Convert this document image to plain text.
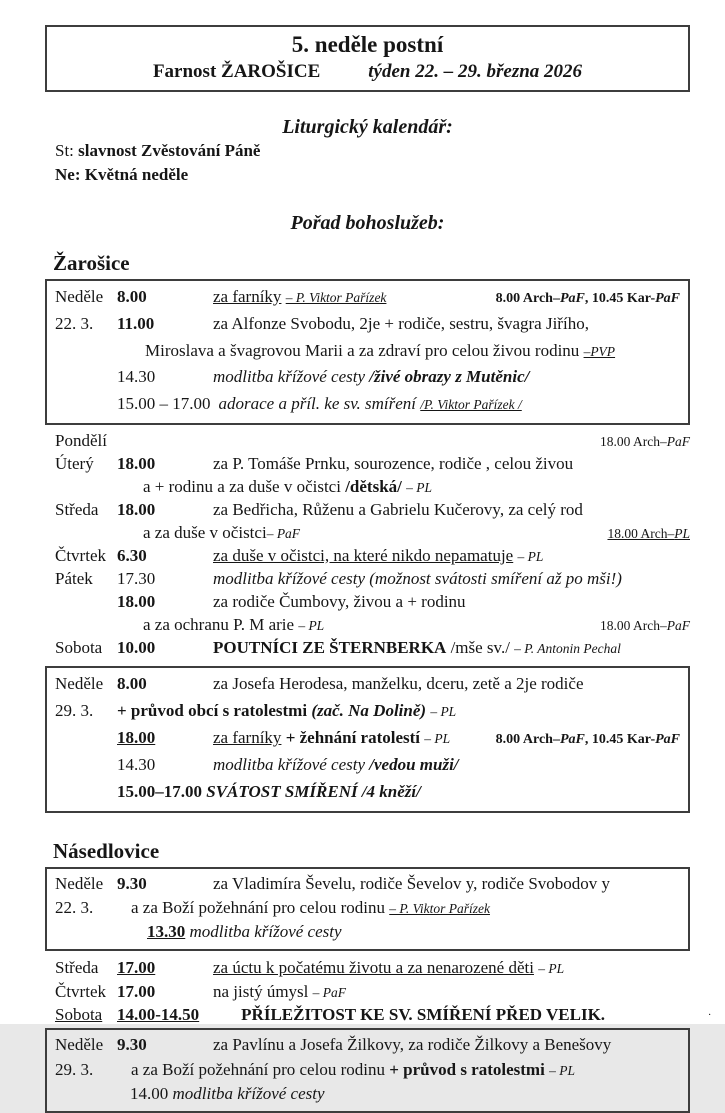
5. neděle postní
Farnost ŽAROŠICE	týden 22. – 29. března 2026
Liturgický kalendář:
St: slavnost Zvěstování Páně
Ne: Květná neděle
Pořad bohoslužeb:
Žarošice
Neděle 8.00	za farníky – P. Viktor Pařízek	8.00 Arch–PaF, 10.45 Kar-PaF
22. 3.	11.00	za Alfonze Svobodu, 2je + rodiče, sestru, švagra Jiřího,
Miroslava a švagrovou Marii a za zdraví pro celou živou rodinu –PVP
14.30	modlitba křížové cesty /živé obrazy z Mutěnic/
15.00 – 17.00 adorace a příl. ke sv. smíření /P. Viktor Pařízek /
Pondělí	18.00 Arch–PaF
Úterý	18.00	za P. Tomáše Prnku, sourozence, rodiče , celou živou
a + rodinu a za duše v očistci /dětská/ – PL
Středa	18.00	za Bedřicha, Růženu a Gabrielu Kučerovy, za celý rod
a za duše v očistci– PaF	18.00 Arch–PL
Čtvrtek 6.30	za duše v očistci, na které nikdo nepamatuje – PL
Pátek	17.30	modlitba křížové cesty (možnost svátosti smíření až po mši!)
18.00	za rodiče Čumbovy, živou a + rodinu
a za ochranu P. M arie – PL	18.00 Arch–PaF
Sobota 10.00	POUTNÍCI ZE ŠTERNBERKA /mše sv./ – P. Antonin Pechal
Neděle 8.00	za Josefa Herodesa, manželku, dceru, zetě a 2je rodiče
29. 3.	+ průvod obcí s ratolestmi (zač. Na Dolině) – PL
18.00	za farníky + žehnání ratolestí – PL	8.00 Arch–PaF, 10.45 Kar-PaF
14.30	modlitba křížové cesty /vedou muži/
15.00–17.00 SVÁTOST SMÍŘENÍ /4 kněží/
Násedlovice
Neděle 9.30	za Vladimíra Ševelu, rodiče Ševelov y, rodiče Svobodov y
22. 3.	a za Boží požehnání pro celou rodinu – P. Viktor Pařízek
13.30 modlitba křížové cesty
Středa	17.00	za úctu k počatému životu a za nenarozené děti – PL
Čtvrtek 17.00	na jistý úmysl – PaF
Sobota 14.00-14.50 PŘÍLEŽITOST KE SV. SMÍŘENÍ PŘED VELIK.
Neděle 9.30	za Pavlínu a Josefa Žilkovy, za rodiče Žilkovy a Benešovy
29. 3.	a za Boží požehnání pro celou rodinu + průvod s ratolestmi – PL
14.00 modlitba křížové cesty
.
